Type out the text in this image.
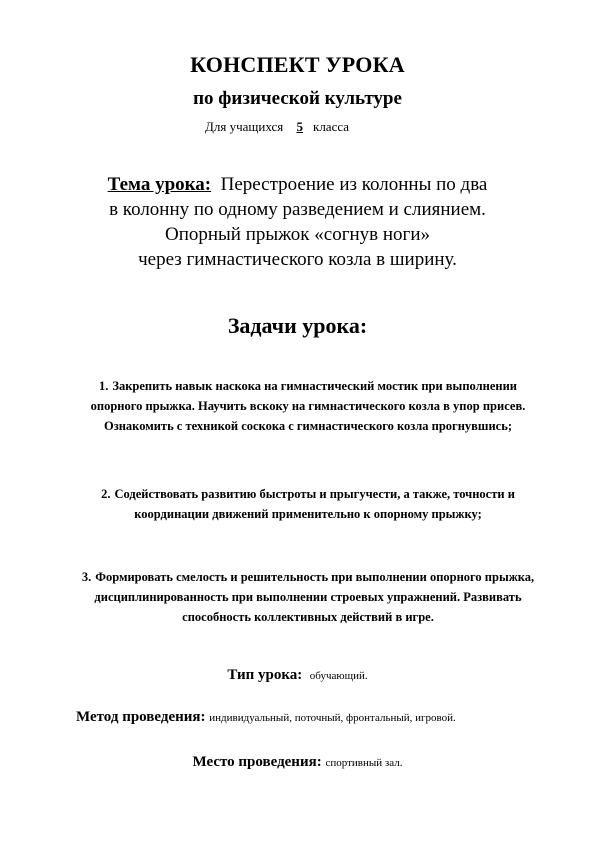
КОНСПЕКТ УРОКА
по физической культуре
Для учащихся 5 класса
Тема урока: Перестроение из колонны по два
в колонну по одному разведением и слиянием.
Опорный прыжок «согнув ноги»
через гимнастического козла в ширину.
Задачи урока:
1. Закрепить навык наскока на гимнастический мостик при выполнении опорного прыжка. Научить вскоку на гимнастического козла в упор присев. Ознакомить с техникой соскока с гимнастического козла прогнувшись;
2. Содействовать развитию быстроты и прыгучести, а также, точности и координации движений применительно к опорному прыжку;
3. Формировать смелость и решительность при выполнении опорного прыжка, дисциплинированность при выполнении строевых упражнений. Развивать способность коллективных действий в игре.
Тип урока: обучающий.
Метод проведения: индивидуальный, поточный, фронтальный, игровой.
Место проведения: спортивный зал.
